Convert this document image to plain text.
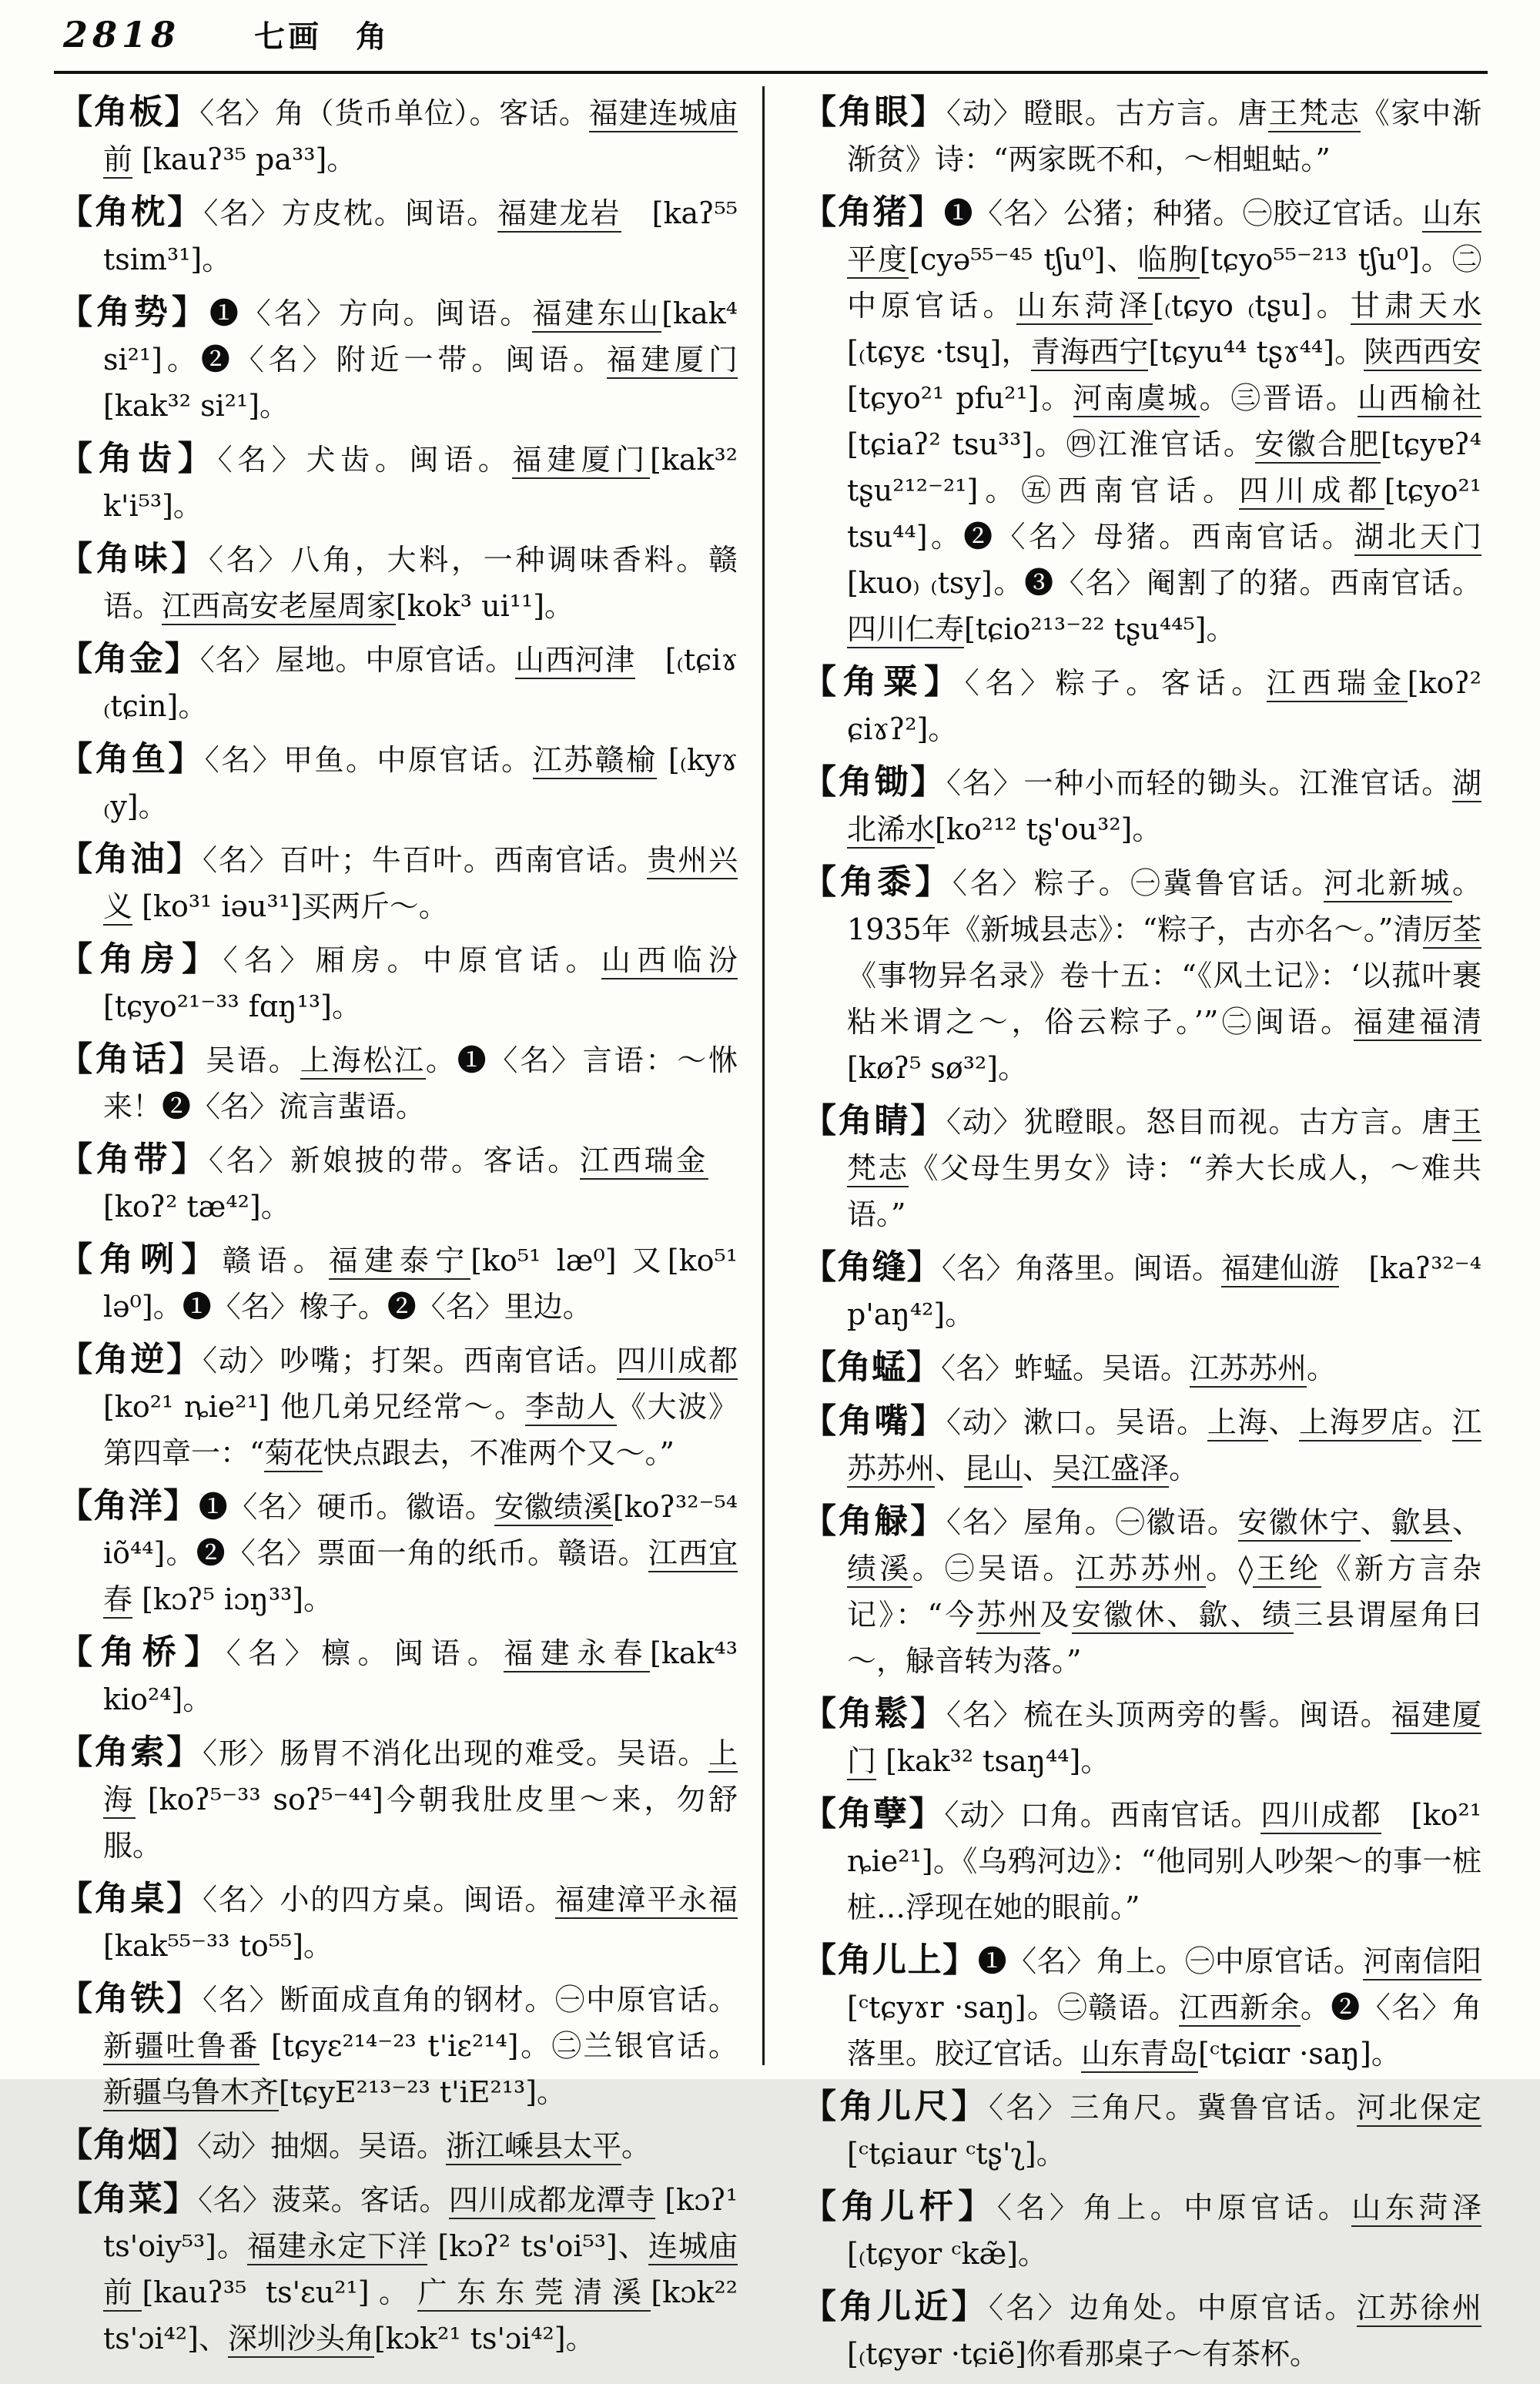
2818 七画　角
【角板】〈名〉角（货币单位）。客话。福建连城庙前 [kauʔ³⁵ pa³³]。
【角枕】〈名〉方皮枕。闽语。福建龙岩　[kaʔ⁵⁵ tsim³¹]。
【角势】❶〈名〉方向。闽语。福建东山[kak⁴ si²¹]。❷〈名〉附近一带。闽语。福建厦门[kak³² si²¹]。
【角齿】〈名〉犬齿。闽语。福建厦门[kak³² k'i⁵³]。
【角味】〈名〉八角，大料，一种调味香料。赣语。江西高安老屋周家[kok³ ui¹¹]。
【角金】〈名〉屋地。中原官话。山西河津　[₍tɕiɤ ₍tɕin]。
【角鱼】〈名〉甲鱼。中原官话。江苏赣榆 [₍kyɤ ₍y]。
【角油】〈名〉百叶；牛百叶。西南官话。贵州兴义 [ko³¹ iəu³¹]买两斤～。
【角房】〈名〉厢房。中原官话。山西临汾 [tɕyo²¹⁻³³ fɑŋ¹³]。
【角话】吴语。上海松江。❶〈名〉言语：～恘来！❷〈名〉流言蜚语。
【角带】〈名〉新娘披的带。客话。江西瑞金　[koʔ² tæ⁴²]。
【角咧】赣语。福建泰宁[ko⁵¹ læ⁰] 又[ko⁵¹ lə⁰]。❶〈名〉橡子。❷〈名〉里边。
【角逆】〈动〉吵嘴；打架。西南官话。四川成都 [ko²¹ ȵie²¹] 他几弟兄经常～。李劼人《大波》第四章一：“菊花快点跟去，不准两个又～。”
【角洋】❶〈名〉硬币。徽语。安徽绩溪[koʔ³²⁻⁵⁴ iõ⁴⁴]。❷〈名〉票面一角的纸币。赣语。江西宜春 [kɔʔ⁵ iɔŋ³³]。
【角桥】〈名〉檩。闽语。福建永春[kak⁴³ kio²⁴]。
【角索】〈形〉肠胃不消化出现的难受。吴语。上海 [koʔ⁵⁻³³ soʔ⁵⁻⁴⁴]今朝我肚皮里～来，勿舒服。
【角桌】〈名〉小的四方桌。闽语。福建漳平永福 [kak⁵⁵⁻³³ to⁵⁵]。
【角铁】〈名〉断面成直角的钢材。㊀中原官话。新疆吐鲁番 [tɕyɛ²¹⁴⁻²³ t'iɛ²¹⁴]。㊁兰银官话。新疆乌鲁木齐[tɕyE²¹³⁻²³ t'iE²¹³]。
【角烟】〈动〉抽烟。吴语。浙江嵊县太平。
【角菜】〈名〉菠菜。客话。四川成都龙潭寺 [kɔʔ¹ ts'oiy⁵³]。福建永定下洋 [kɔʔ² ts'oi⁵³]、连城庙前[kauʔ³⁵ ts'ɛu²¹]。广东东莞清溪[kɔk²² ts'ɔi⁴²]、深圳沙头角[kɔk²¹ ts'ɔi⁴²]。
【角眼】〈动〉瞪眼。古方言。唐王梵志《家中渐渐贫》诗：“两家既不和，～相蛆蛄。”
【角猪】❶〈名〉公猪；种猪。㊀胶辽官话。山东平度[cyə⁵⁵⁻⁴⁵ tʃu⁰]、临朐[tɕyo⁵⁵⁻²¹³ tʃu⁰]。㊁中原官话。山东菏泽[₍tɕyo ₍tʂu]。甘肃天水[₍tɕyɛ ·tsɥ]，青海西宁[tɕyu⁴⁴ tʂɤ⁴⁴]。陕西西安[tɕyo²¹ pfu²¹]。河南虞城。㊂晋语。山西榆社 [tɕiaʔ² tsu³³]。㊃江淮官话。安徽合肥[tɕyɐʔ⁴ tʂu²¹²⁻²¹]。㊄西南官话。四川成都[tɕyo²¹ tsu⁴⁴]。❷〈名〉母猪。西南官话。湖北天门[kuo₎ ₍tsy]。❸〈名〉阉割了的猪。西南官话。四川仁寿[tɕio²¹³⁻²² tʂu⁴⁴⁵]。
【角粟】〈名〉粽子。客话。江西瑞金[koʔ² ɕiɤʔ²]。
【角锄】〈名〉一种小而轻的锄头。江淮官话。湖北浠水[ko²¹² tʂ'ou³²]。
【角黍】〈名〉粽子。㊀冀鲁官话。河北新城。1935年《新城县志》：“粽子，古亦名～。”清厉荃《事物异名录》卷十五：“《风土记》：‘以菰叶裹粘米谓之～，俗云粽子。’”㊁闽语。福建福清[køʔ⁵ sø³²]。
【角睛】〈动〉犹瞪眼。怒目而视。古方言。唐王梵志《父母生男女》诗：“养大长成人，～难共语。”
【角缝】〈名〉角落里。闽语。福建仙游　[kaʔ³²⁻⁴ p'aŋ⁴²]。
【角蜢】〈名〉蚱蜢。吴语。江苏苏州。
【角嘴】〈动〉漱口。吴语。上海、上海罗店。江苏苏州、昆山、吴江盛泽。
【角觮】〈名〉屋角。㊀徽语。安徽休宁、歙县、绩溪。㊁吴语。江苏苏州。◊王纶《新方言杂记》：“今苏州及安徽休、歙、绩三县谓屋角曰～，觮音转为落。”
【角鬆】〈名〉梳在头顶两旁的髻。闽语。福建厦门 [kak³² tsaŋ⁴⁴]。
【角孽】〈动〉口角。西南官话。四川成都　[ko²¹ ȵie²¹]。《乌鸦河边》：“他同别人吵架～的事一桩桩…浮现在她的眼前。”
【角儿上】❶〈名〉角上。㊀中原官话。河南信阳 [ᶜtɕyɤr ·saŋ]。㊁赣语。江西新余。❷〈名〉角落里。胶辽官话。山东青岛[ᶜtɕiɑr ·saŋ]。
【角儿尺】〈名〉三角尺。冀鲁官话。河北保定 [ᶜtɕiaur ᶜtʂ'ʅ]。
【角儿杆】〈名〉角上。中原官话。山东菏泽 [₍tɕyor ᶜkæ̃]。
【角儿近】〈名〉边角处。中原官话。江苏徐州 [₍tɕyər ·tɕiẽ]你看那桌子～有茶杯。
